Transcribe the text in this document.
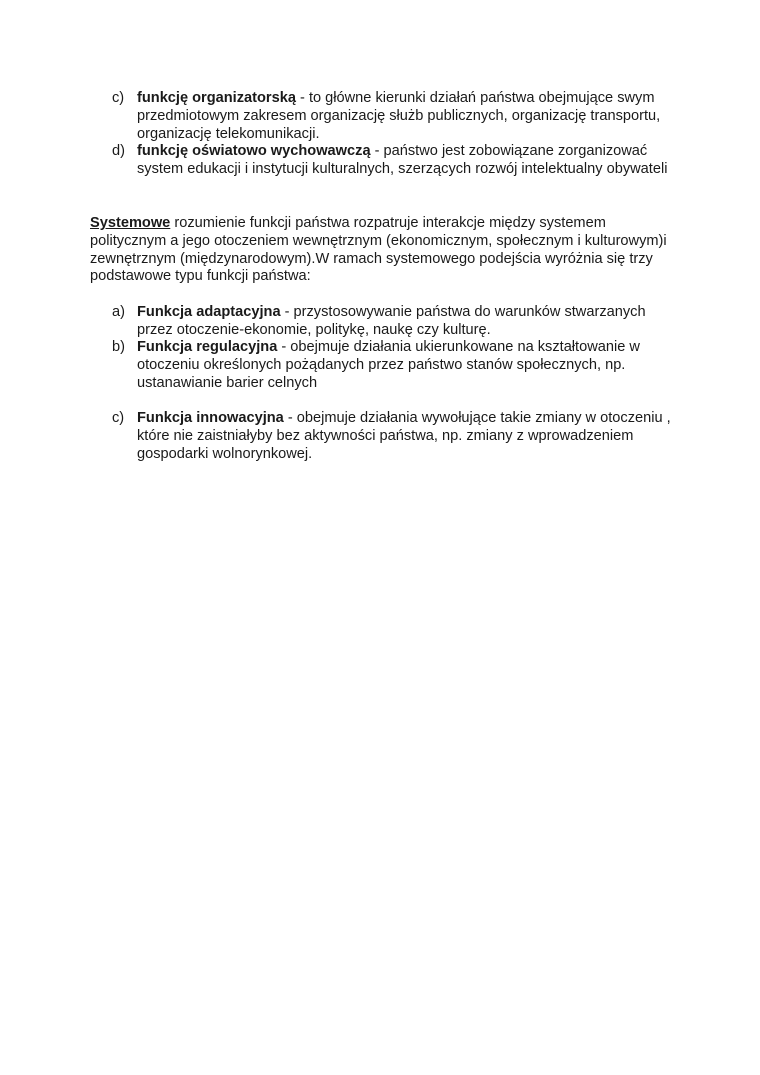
c) funkcję organizatorską - to główne kierunki działań państwa obejmujące swym przedmiotowym zakresem organizację służb publicznych, organizację transportu, organizację telekomunikacji.
d) funkcję oświatowo wychowawczą - państwo jest zobowiązane zorganizować system edukacji i instytucji kulturalnych, szerzących rozwój intelektualny obywateli
Systemowe rozumienie funkcji państwa rozpatruje interakcje między systemem politycznym a jego otoczeniem wewnętrznym (ekonomicznym, społecznym i kulturowym)i zewnętrznym (międzynarodowym).W ramach systemowego podejścia wyróżnia się trzy podstawowe typu funkcji państwa:
a) Funkcja adaptacyjna - przystosowywanie państwa do warunków stwarzanych przez otoczenie-ekonomie, politykę, naukę czy kulturę.
b) Funkcja regulacyjna - obejmuje działania ukierunkowane na kształtowanie w otoczeniu określonych pożądanych przez państwo stanów społecznych, np. ustanawianie barier celnych
c) Funkcja innowacyjna - obejmuje działania wywołujące takie zmiany w otoczeniu , które nie zaistniałyby bez aktywności państwa, np. zmiany z wprowadzeniem gospodarki wolnorynkowej.
